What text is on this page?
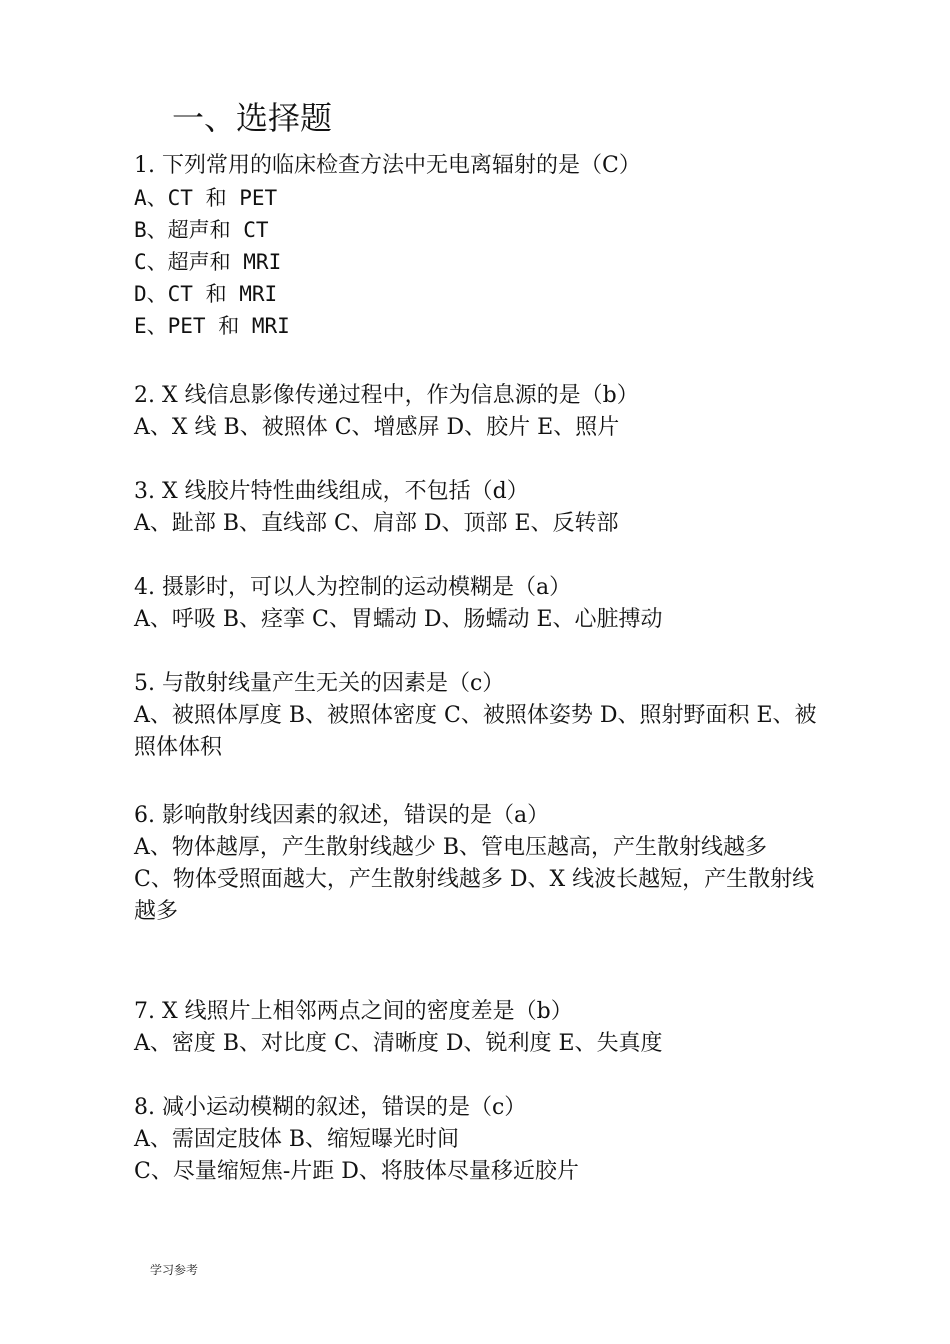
一、选择题
1. 下列常用的临床检查方法中无电离辐射的是（C）
A、CT 和 PET
B、超声和 CT
C、超声和 MRI
D、CT 和 MRI
E、PET 和 MRI
2. X 线信息影像传递过程中，作为信息源的是（b）
A、X 线 B、被照体 C、增感屏 D、胶片 E、照片
3. X 线胶片特性曲线组成，不包括（d）
A、趾部 B、直线部 C、肩部 D、顶部 E、反转部
4. 摄影时，可以人为控制的运动模糊是（a）
A、呼吸 B、痉挛 C、胃蠕动 D、肠蠕动 E、心脏搏动
5. 与散射线量产生无关的因素是（c）
A、被照体厚度 B、被照体密度 C、被照体姿势 D、照射野面积 E、被照体体积
6. 影响散射线因素的叙述，错误的是（a）
A、物体越厚，产生散射线越少 B、管电压越高，产生散射线越多
C、物体受照面越大，产生散射线越多 D、X 线波长越短，产生散射线越多
7. X 线照片上相邻两点之间的密度差是（b）
A、密度 B、对比度 C、清晰度 D、锐利度 E、失真度
8. 减小运动模糊的叙述，错误的是（c）
A、需固定肢体 B、缩短曝光时间
C、尽量缩短焦-片距 D、将肢体尽量移近胶片
学习参考
